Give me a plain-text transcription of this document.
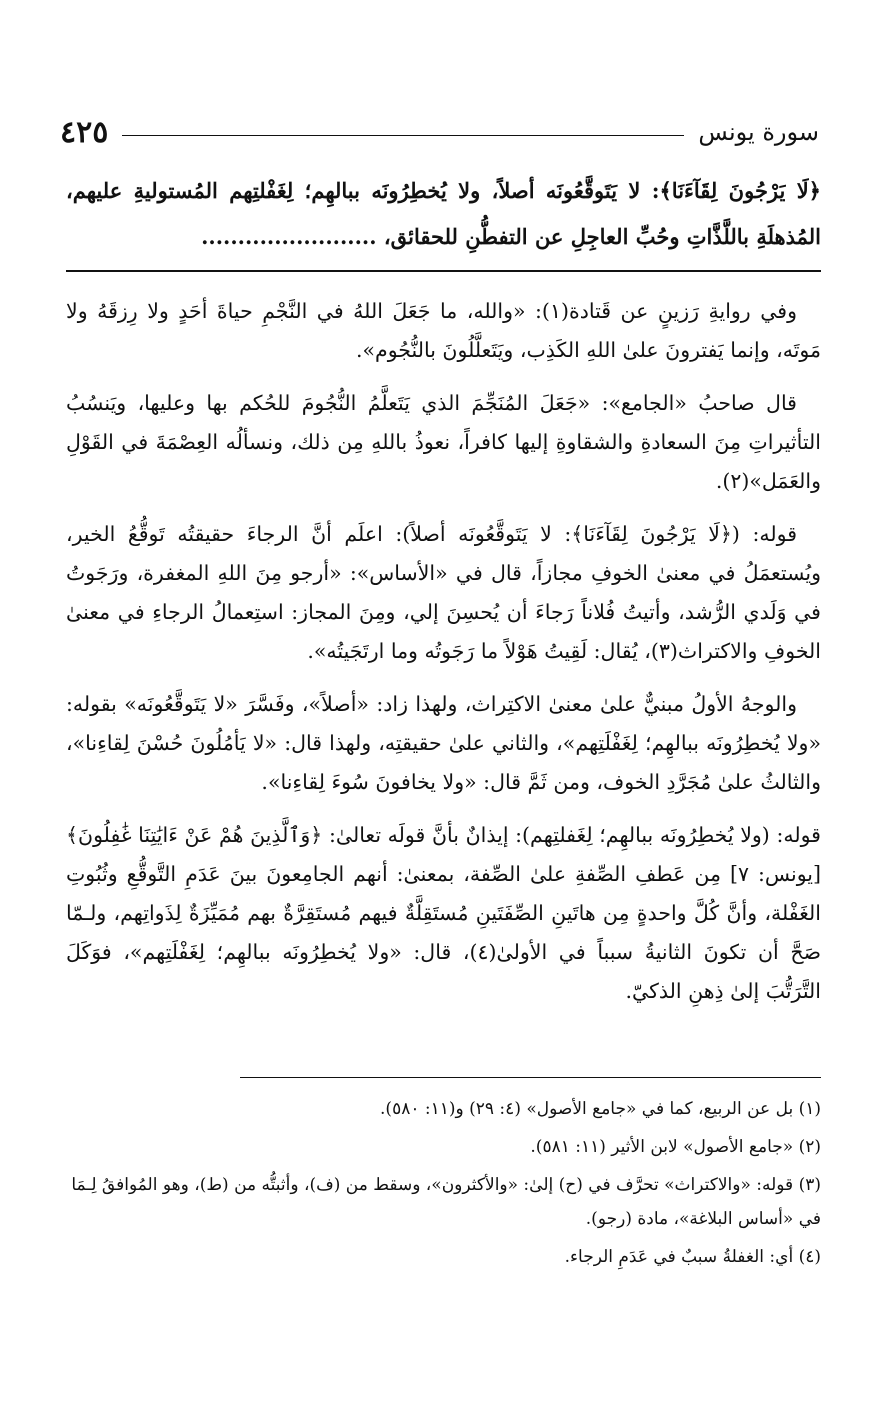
٤٢٥	سورة يونس
﴿لَا يَرْجُونَ لِقَآءَنَا﴾: لا يَتَوقَّعُونَه أصلاً، ولا يُخطِرُونَه ببالهِم؛ لِغَفْلتِهم المُستوليةِ عليهم، المُذهلَةِ باللَّذَّاتِ وحُبِّ العاجِلِ عن التفطُّنِ للحقائق، ........................

وفي روايةِ رَزينٍ عن قَتادة(١): «والله، ما جَعَلَ اللهُ في النَّجْمِ حياةَ أحَدٍ ولا رِزقَهُ ولا مَوتَه، وإنما يَفترونَ علىٰ اللهِ الكَذِب، ويَتَعلَّلُونَ بالنُّجُوم».

قال صاحبُ «الجامع»: «جَعَلَ المُنَجِّمَ الذي يَتَعلَّمُ النُّجُومَ للحُكم بها وعليها، ويَنسُبُ التأثيراتِ مِنَ السعادةِ والشقاوةِ إليها كافراً، نعوذُ باللهِ مِن ذلك، ونسألُه العِصْمَةَ في القَوْلِ والعَمَل»(٢).

قوله: (﴿لَا يَرْجُونَ لِقَآءَنَا﴾: لا يَتَوقَّعُونَه أصلاً): اعلَم أنَّ الرجاءَ حقيقتُه تَوقُّعُ الخير، ويُستعمَلُ في معنىٰ الخوفِ مجازاً، قال في «الأساس»: «أرجو مِنَ اللهِ المغفرة، ورَجَوتُ في وَلَدي الرُّشد، وأتيتُ فُلاناً رَجاءَ أن يُحسِنَ إلي، ومِنَ المجاز: استِعمالُ الرجاءِ في معنىٰ الخوفِ والاكتراث(٣)، يُقال: لَقِيتُ هَوْلاً ما رَجَوتُه وما ارتَجَيتُه».

والوجهُ الأولُ مبنيٌّ علىٰ معنىٰ الاكتِراث، ولهذا زاد: «أصلاً»، وفَسَّرَ «لا يَتَوقَّعُونَه» بقوله: «ولا يُخطِرُونَه ببالهِم؛ لِغَفْلَتِهم»، والثاني علىٰ حقيقتِه، ولهذا قال: «لا يَأمُلُونَ حُسْنَ لِقاءِنا»، والثالثُ علىٰ مُجَرَّدِ الخوف، ومن ثَمَّ قال: «ولا يخافونَ سُوءَ لِقاءِنا».

قوله: (ولا يُخطِرُونَه ببالهِم؛ لِغَفلتِهم): إيذانٌ بأنَّ قولَه تعالىٰ: ﴿وَٱلَّذِينَ هُمْ عَنْ ءَايَٰتِنَا غَٰفِلُونَ﴾ [يونس: ٧] مِن عَطفِ الصِّفةِ علىٰ الصِّفة، بمعنىٰ: أنهم الجامِعونَ بينَ عَدَمِ التَّوقُّعِ وثُبُوتِ الغَفْلة، وأنَّ كُلَّ واحدةٍ مِن هاتَينِ الصِّفَتَينِ مُستَقِلَّةٌ فيهم مُستَقِرَّةٌ بهم مُمَيِّزَةٌ لِذَواتِهم، ولـمّا صَحَّ أن تكونَ الثانيةُ سبباً في الأولىٰ(٤)، قال: «ولا يُخطِرُونَه ببالهِم؛ لِغَفْلَتِهم»، فوَكَلَ التَّرَتُّبَ إلىٰ ذِهنِ الذكيّ.

(١) بل عن الربيع، كما في «جامع الأصول» (٤: ٢٩) و(١١: ٥٨٠).
(٢) «جامع الأصول» لابن الأثير (١١: ٥٨١).
(٣) قوله: «والاكتراث» تحرَّف في (ح) إلىٰ: «والأكثرون»، وسقط من (ف)، وأثبتُّه من (ط)، وهو المُوافقُ لِـمَا في «أساس البلاغة»، مادة (رجو).
(٤) أي: الغفلةُ سببٌ في عَدَمِ الرجاء.
